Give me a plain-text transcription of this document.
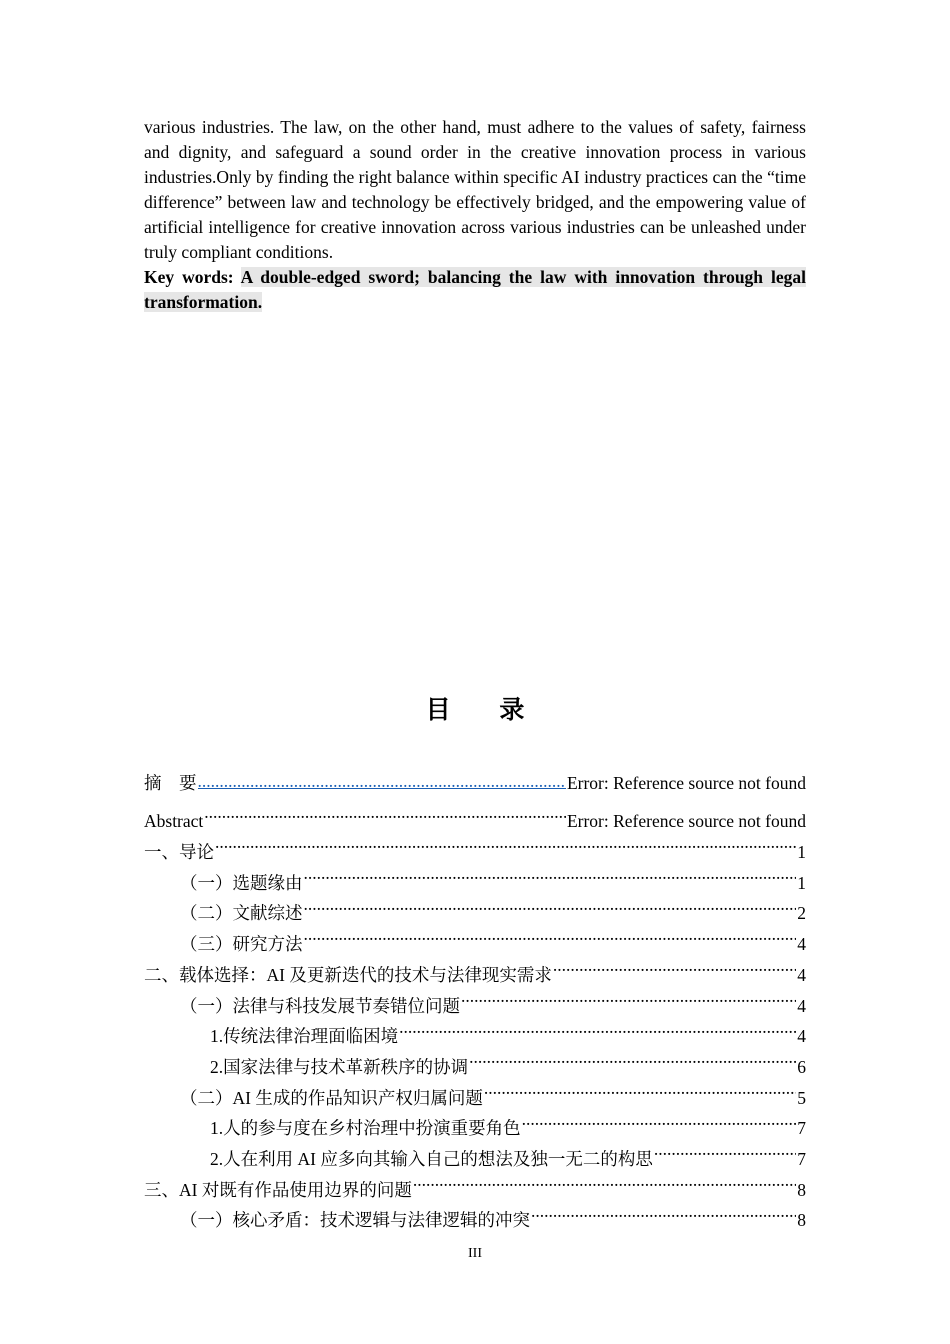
various industries. The law, on the other hand, must adhere to the values of safety, fairness and dignity, and safeguard a sound order in the creative innovation process in various industries.Only by finding the right balance within specific AI industry practices can the “time difference” between law and technology be effectively bridged, and the empowering value of artificial intelligence for creative innovation across various industries can be unleashed under truly compliant conditions.

Key words: A double-edged sword; balancing the law with innovation through legal transformation.
目 录
摘　要 .....	Error: Reference source not found
Abstract .....	Error: Reference source not found
一、导论 .....	1
（一）选题缘由 .....	1
（二）文献综述 .....	2
（三）研究方法 .....	4
二、载体选择：AI 及更新迭代的技术与法律现实需求 .....	4
（一）法律与科技发展节奏错位问题 .....	4
1.传统法律治理面临困境 .....	4
2.国家法律与技术革新秩序的协调 .....	6
（二）AI 生成的作品知识产权归属问题 .....	5
1.人的参与度在乡村治理中扮演重要角色 .....	7
2.人在利用 AI 应多向其输入自己的想法及独一无二的构思 .....	7
三、AI 对既有作品使用边界的问题 .....	8
（一）核心矛盾：技术逻辑与法律逻辑的冲突 .....	8
III
